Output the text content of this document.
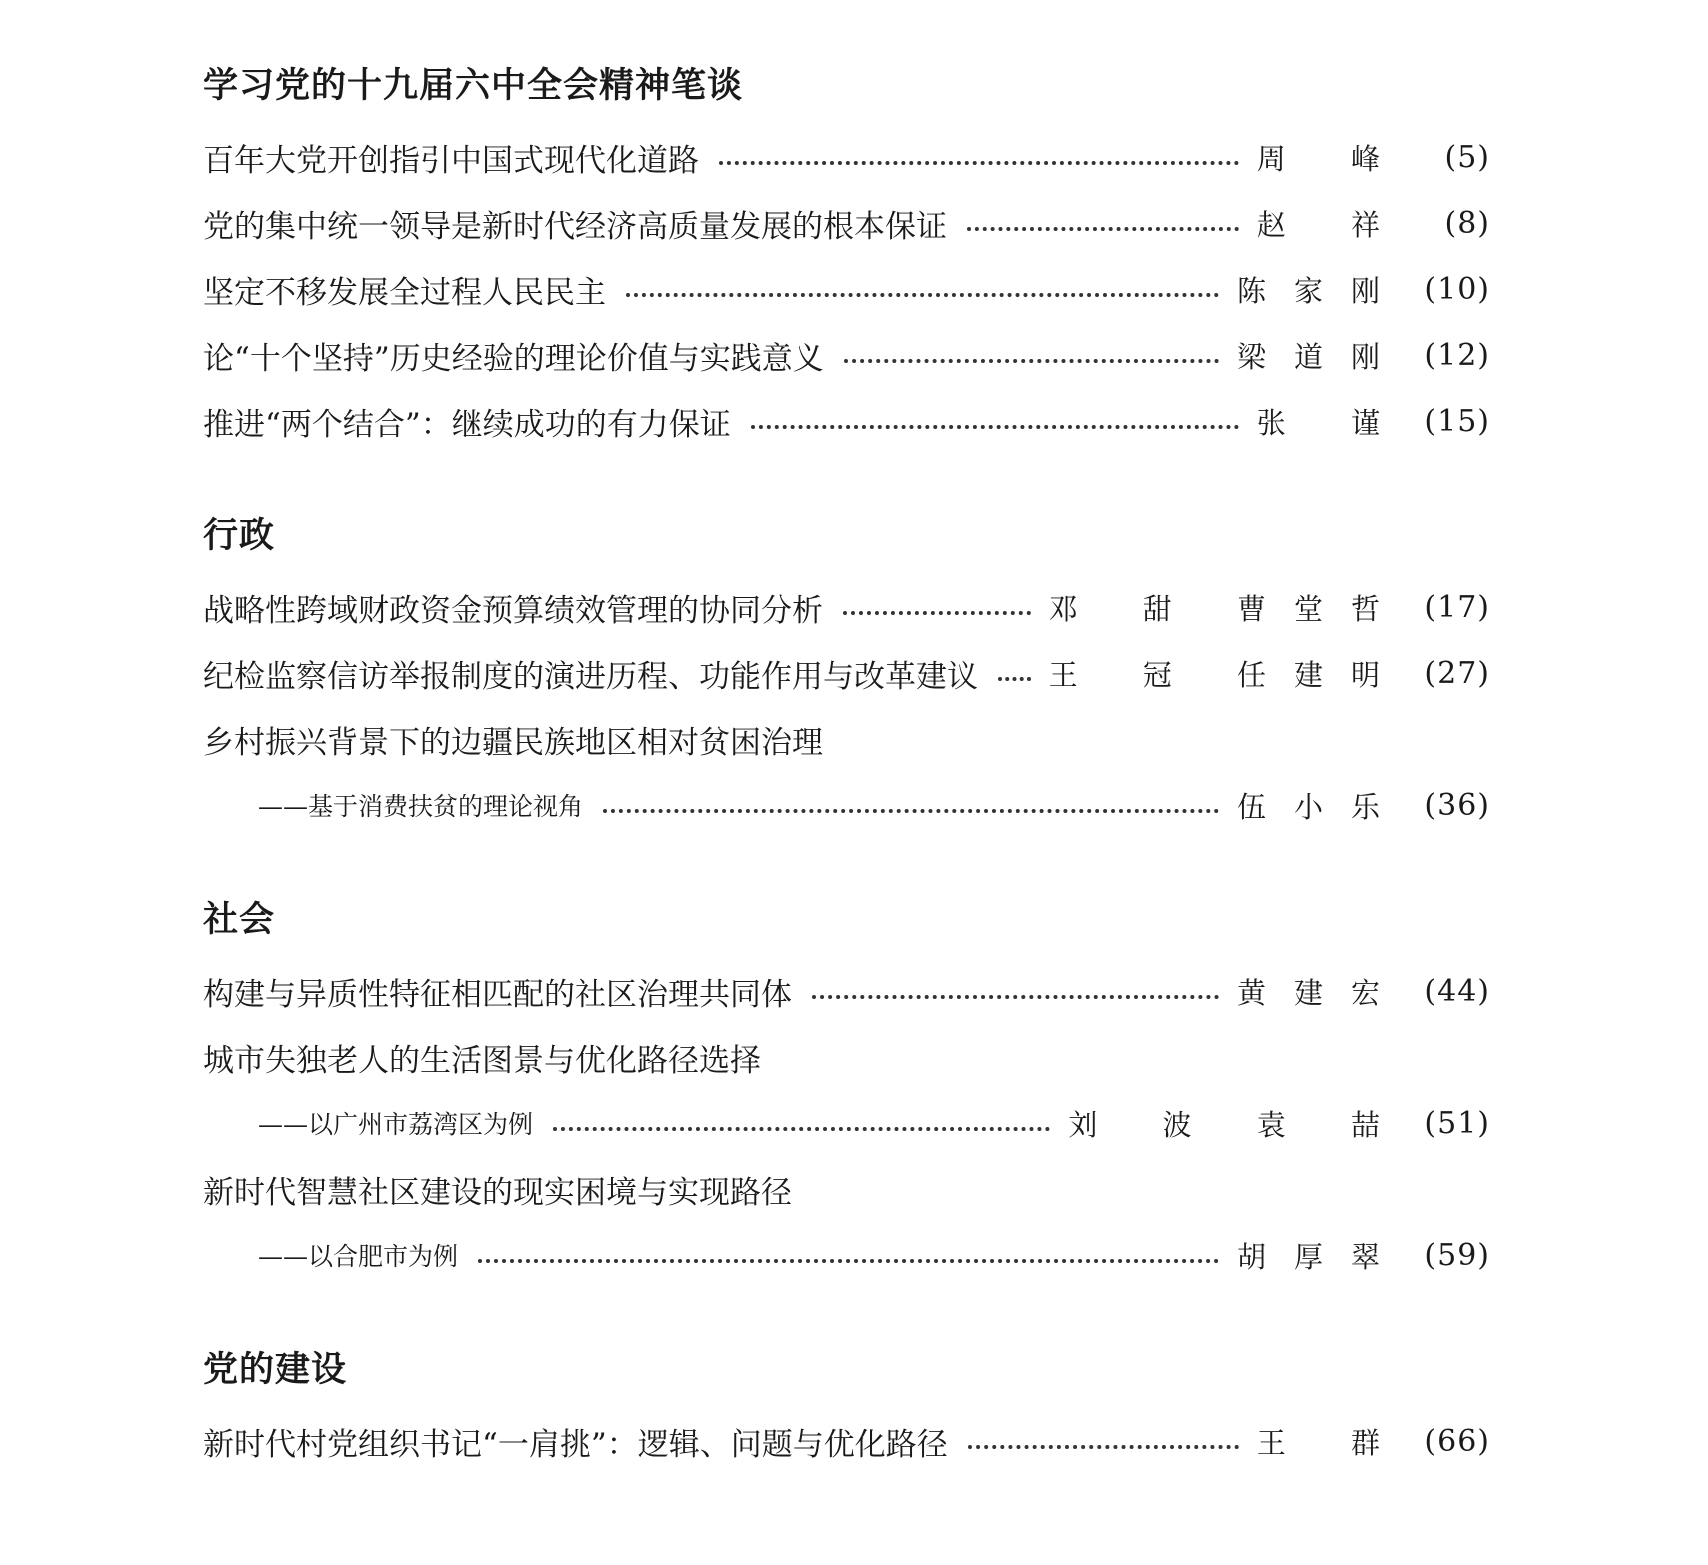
学习党的十九届六中全会精神笔谈
百年大党开创指引中国式现代化道路	周 峰	(5)
党的集中统一领导是新时代经济高质量发展的根本保证	赵 祥	(8)
坚定不移发展全过程人民民主	陈家刚 (10)
论“十个坚持”历史经验的理论价值与实践意义	梁道刚 (12)
推进“两个结合”：继续成功的有力保证	张 谨 (15)
行政
战略性跨域财政资金预算绩效管理的协同分析	邓 甜 曹堂哲 (17)
纪检监察信访举报制度的演进历程、功能作用与改革建议	王 冠 任建明 (27)
乡村振兴背景下的边疆民族地区相对贫困治理
——基于消费扶贫的理论视角	伍小乐 (36)
社会
构建与异质性特征相匹配的社区治理共同体	黄建宏 (44)
城市失独老人的生活图景与优化路径选择
——以广州市荔湾区为例	刘 波 袁 喆 (51)
新时代智慧社区建设的现实困境与实现路径
——以合肥市为例	胡厚翠 (59)
党的建设
新时代村党组织书记“一肩挑”：逻辑、问题与优化路径	王 群 (66)
